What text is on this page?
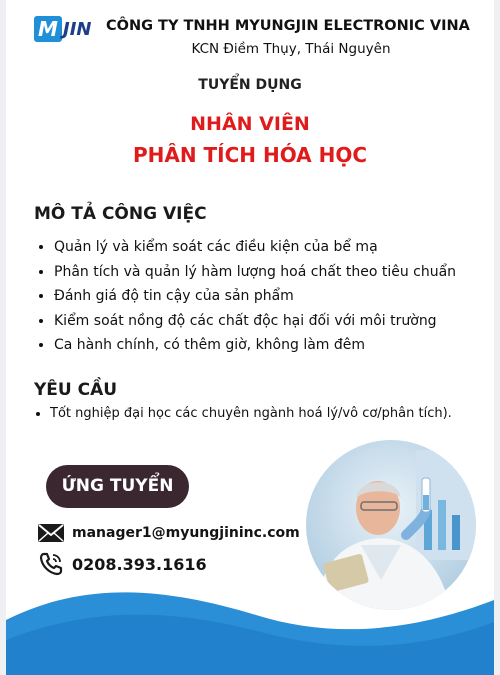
M JIN CÔNG TY TNHH MYUNGJIN ELECTRONIC VINA
KCN Điềm Thụy, Thái Nguyên
TUYỂN DỤNG
NHÂN VIÊN
PHÂN TÍCH HÓA HỌC
MÔ TẢ CÔNG VIỆC
• Quản lý và kiểm soát các điều kiện của bể mạ
• Phân tích và quản lý hàm lượng hoá chất theo tiêu chuẩn
• Đánh giá độ tin cậy của sản phẩm
• Kiểm soát nồng độ các chất độc hại đối với môi trường
• Ca hành chính, có thêm giờ, không làm đêm
YÊU CẦU
• Tốt nghiệp đại học các chuyên ngành hoá lý/vô cơ/phân tích).
ỨNG TUYỂN
manager1@myungjininc.com
0208.393.1616
